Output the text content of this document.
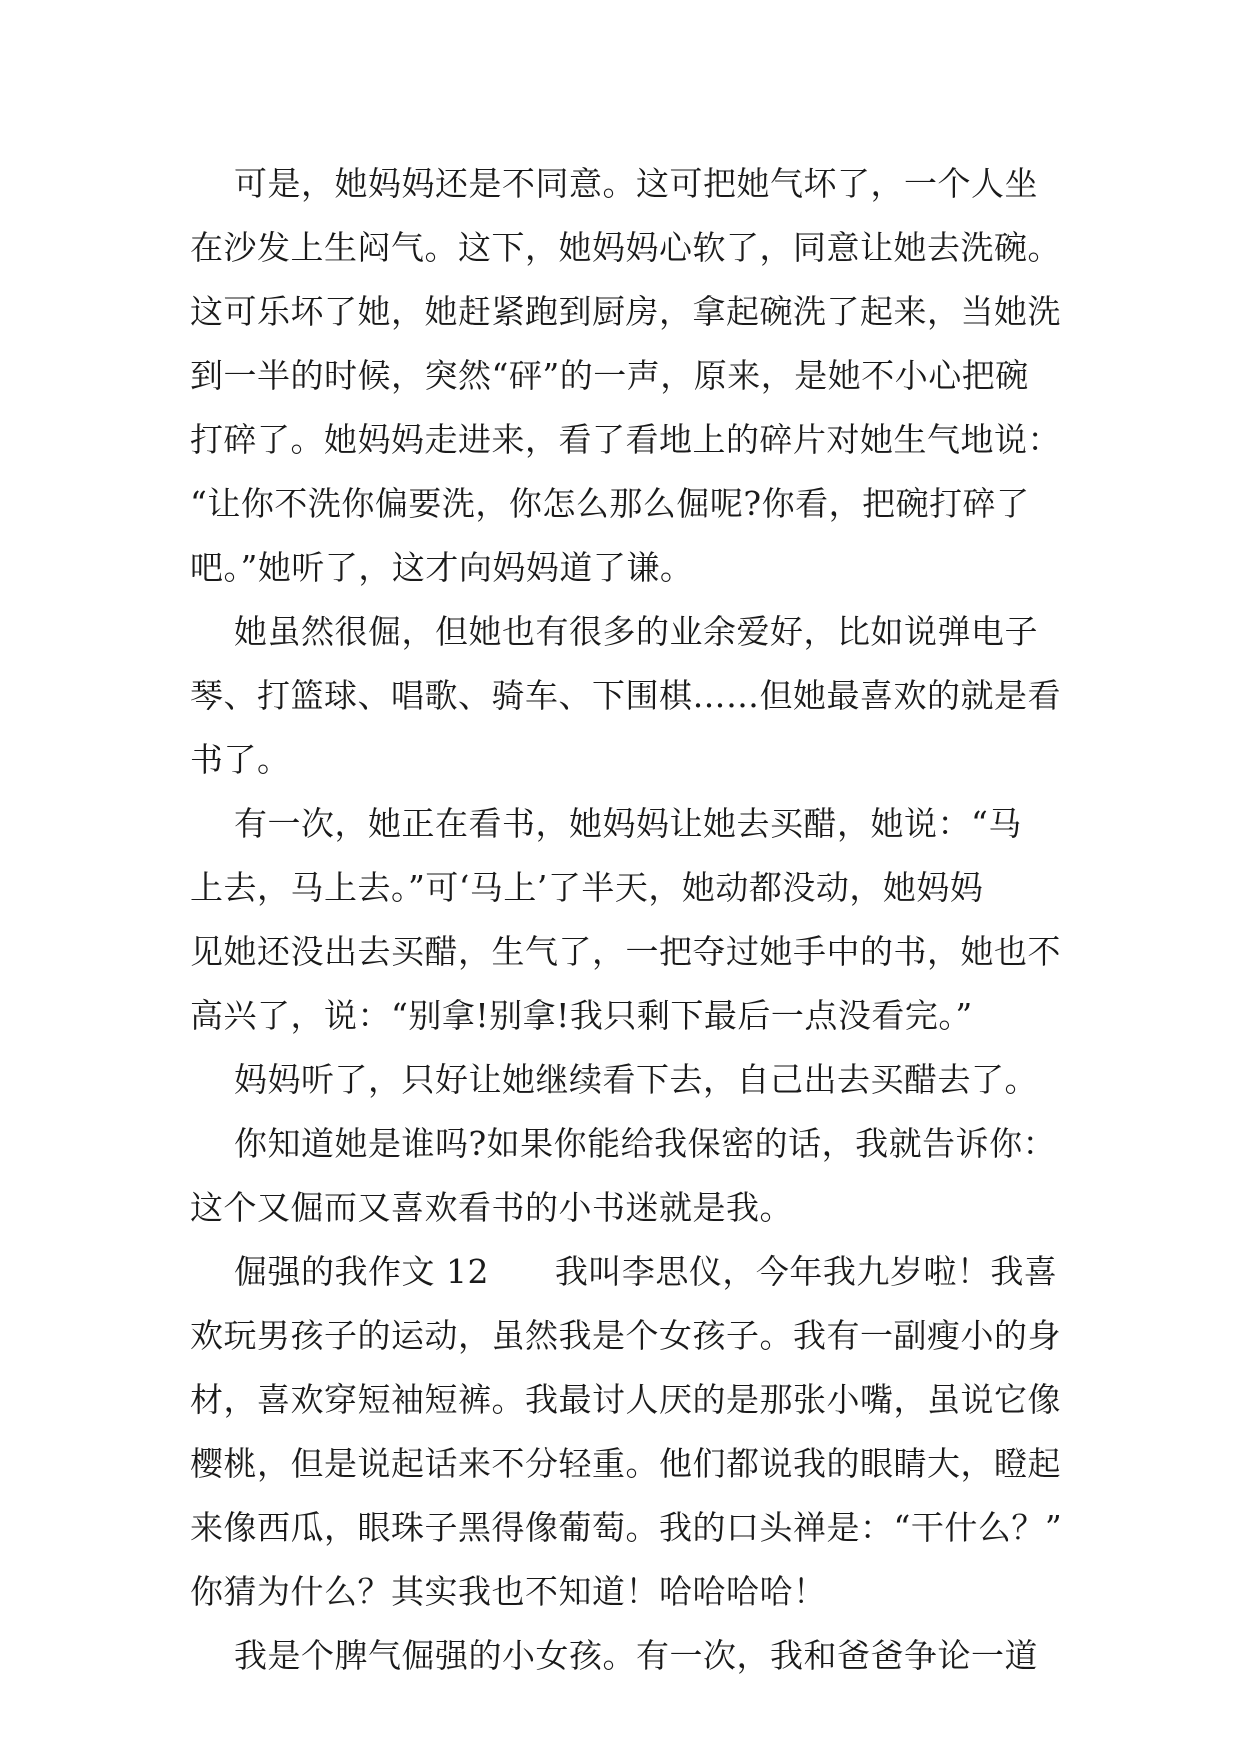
可是，她妈妈还是不同意。这可把她气坏了，一个人坐
在沙发上生闷气。这下，她妈妈心软了，同意让她去洗碗。
这可乐坏了她，她赶紧跑到厨房，拿起碗洗了起来，当她洗
到一半的时候，突然“砰”的一声，原来，是她不小心把碗
打碎了。她妈妈走进来，看了看地上的碎片对她生气地说：
“让你不洗你偏要洗，你怎么那么倔呢?你看，把碗打碎了
吧。”她听了，这才向妈妈道了谦。
她虽然很倔，但她也有很多的业余爱好，比如说弹电子
琴、打篮球、唱歌、骑车、下围棋……但她最喜欢的就是看
书了。
有一次，她正在看书，她妈妈让她去买醋，她说：“马
上去，马上去。”可‘马上’了半天，她动都没动，她妈妈
见她还没出去买醋，生气了，一把夺过她手中的书，她也不
高兴了，说：“别拿!别拿!我只剩下最后一点没看完。”
妈妈听了，只好让她继续看下去，自己出去买醋去了。
你知道她是谁吗?如果你能给我保密的话，我就告诉你：
这个又倔而又喜欢看书的小书迷就是我。
倔强的我作文 12      我叫李思仪，今年我九岁啦！我喜
欢玩男孩子的运动，虽然我是个女孩子。我有一副瘦小的身
材，喜欢穿短袖短裤。我最讨人厌的是那张小嘴，虽说它像
樱桃，但是说起话来不分轻重。他们都说我的眼睛大，瞪起
来像西瓜，眼珠子黑得像葡萄。我的口头禅是：“干什么？”
你猜为什么？其实我也不知道！哈哈哈哈！
我是个脾气倔强的小女孩。有一次，我和爸爸争论一道
